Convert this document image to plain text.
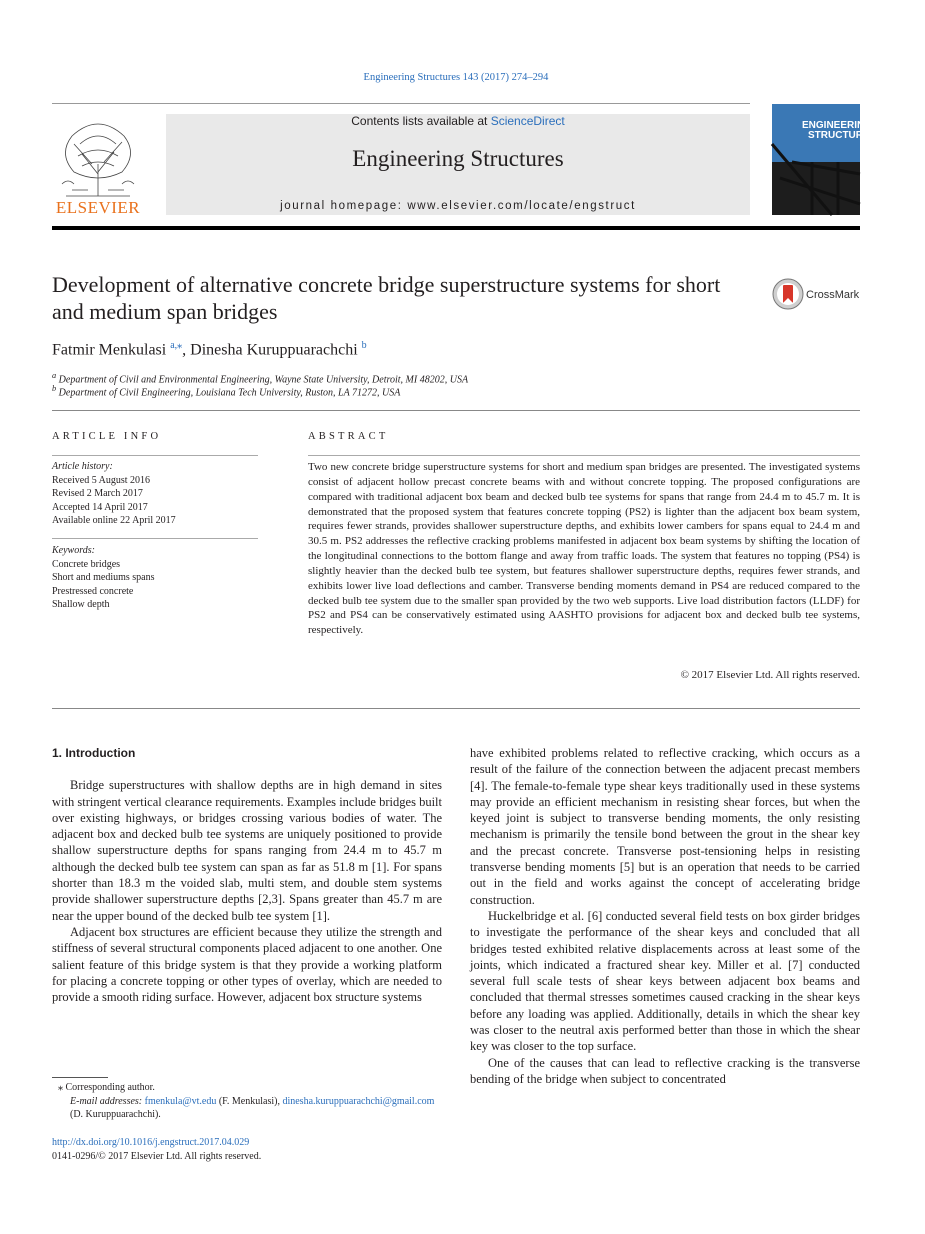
Engineering Structures 143 (2017) 274–294
ELSEVIER
Contents lists available at ScienceDirect
Engineering Structures
journal homepage: www.elsevier.com/locate/engstruct
ENGINEERING
STRUCTURES
Development of alternative concrete bridge superstructure systems for short and medium span bridges
CrossMark
Fatmir Menkulasi $^{a,⁎}$, Dinesha Kuruppuarachchi $^b$
$^a$ Department of Civil and Environmental Engineering, Wayne State University, Detroit, MI 48202, USA
$^b$ Department of Civil Engineering, Louisiana Tech University, Ruston, LA 71272, USA
ARTICLE INFO
Article history:
Received 5 August 2016
Revised 2 March 2017
Accepted 14 April 2017
Available online 22 April 2017
Keywords:
Concrete bridges
Short and mediums spans
Prestressed concrete
Shallow depth
ABSTRACT
Two new concrete bridge superstructure systems for short and medium span bridges are presented. The investigated systems consist of adjacent hollow precast concrete beams with and without concrete topping. The proposed configurations are compared with traditional adjacent box beam and decked bulb tee systems for spans that range from 24.4 m to 45.7 m. It is demonstrated that the proposed system that features concrete topping (PS2) is lighter than the adjacent box beam system, requires fewer strands, provides shallower superstructure depths, and exhibits lower cambers for spans equal to 24.4 m and 30.5 m. PS2 addresses the reflective cracking problems manifested in adjacent box beam systems by shifting the location of the longitudinal connections to the bottom flange and away from traffic loads. The system that features no topping (PS4) is slightly heavier than the decked bulb tee system, but features shallower superstructure depths, requires fewer strands, and exhibits lower live load deflections and camber. Transverse bending moments demand in PS4 are reduced compared to the decked bulb tee system due to the smaller span provided by the two web supports. Live load distribution factors (LLDF) for PS2 and PS4 can be conservatively estimated using AASHTO provisions for adjacent box and decked bulb tee systems, respectively.
© 2017 Elsevier Ltd. All rights reserved.
1. Introduction

Bridge superstructures with shallow depths are in high demand in sites with stringent vertical clearance requirements. Examples include bridges built over existing highways, or bridges crossing various bodies of water. The adjacent box and decked bulb tee systems are uniquely positioned to provide shallow superstructure depths for spans ranging from 24.4 m to 45.7 m although the decked bulb tee system can span as far as 51.8 m [1]. For spans shorter than 18.3 m the voided slab, multi stem, and double stem systems provide shallower superstructure depths [2,3]. Spans greater than 45.7 m are near the upper bound of the decked bulb tee system [1].

Adjacent box structures are efficient because they utilize the strength and stiffness of several structural components placed adjacent to one another. One salient feature of this bridge system is that they provide a working platform for placing a concrete topping or other types of overlay, which are needed to provide a smooth riding surface. However, adjacent box structure systems

have exhibited problems related to reflective cracking, which occurs as a result of the failure of the connection between the adjacent precast members [4]. The female-to-female type shear keys traditionally used in these systems may provide an efficient mechanism in resisting shear forces, but when the keyed joint is subject to transverse bending moments, the only resisting mechanism is primarily the tensile bond between the grout in the shear key and the precast concrete. Transverse post-tensioning helps in resisting transverse bending moments [5] but is an operation that needs to be carried out in the field and works against the concept of accelerating bridge construction.

Huckelbridge et al. [6] conducted several field tests on box girder bridges to investigate the performance of the shear keys and concluded that all bridges tested exhibited relative displacements across at least some of the joints, which indicated a fractured shear key. Miller et al. [7] conducted several full scale tests of shear keys between adjacent box beams and concluded that thermal stresses sometimes caused cracking in the shear keys before any loading was applied. Additionally, details in which the shear key was closer to the neutral axis performed better than those in which the shear key was closer to the top surface.

One of the causes that can lead to reflective cracking is the transverse bending of the bridge when subject to concentrated

⁎ Corresponding author.
E-mail addresses: fmenkula@vt.edu (F. Menkulasi), dinesha.kuruppuarachchi@gmail.com (D. Kuruppuarachchi).
http://dx.doi.org/10.1016/j.engstruct.2017.04.029
0141-0296/© 2017 Elsevier Ltd. All rights reserved.
